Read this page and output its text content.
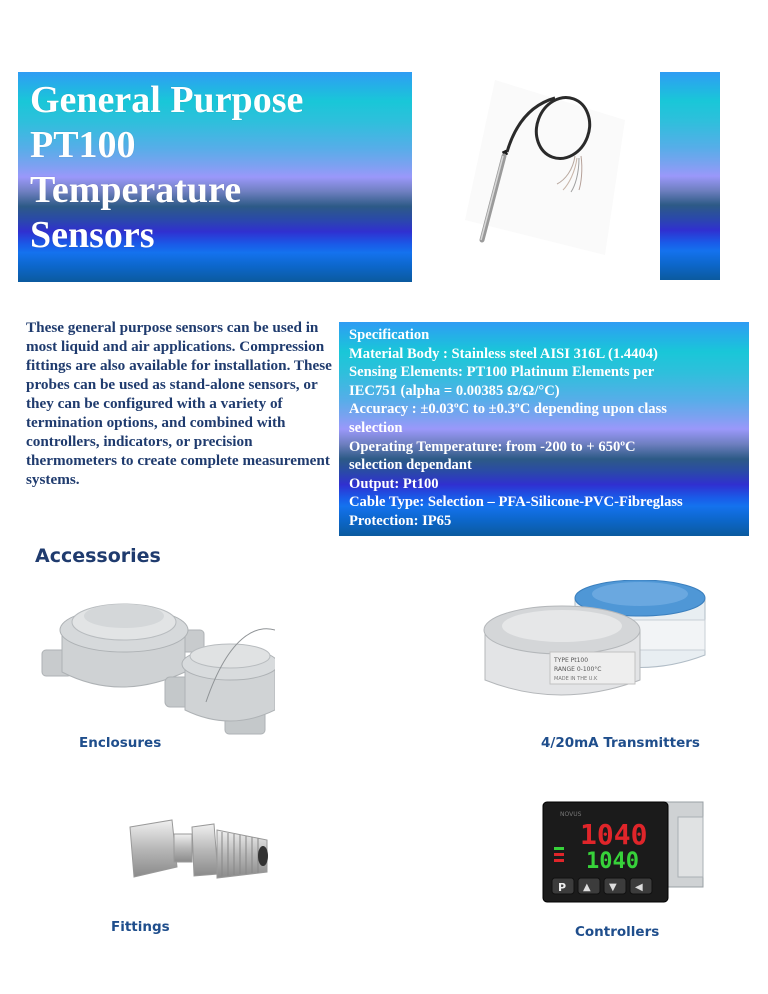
General Purpose
PT100
Temperature
Sensors
These general purpose sensors can be used in most liquid and air applications. Compression fittings are also available for installation. These probes can be used as stand-alone sensors, or they can be configured with a variety of termination options, and combined with controllers, indicators, or precision thermometers to create complete measurement systems.
Specification
Material Body : Stainless steel AISI 316L (1.4404)
Sensing Elements: PT100 Platinum Elements per
IEC751 (alpha = 0.00385 Ω/Ω/°C)
Accuracy : ±0.03ºC to ±0.3ºC depending upon class
selection
Operating Temperature: from -200 to + 650ºC
selection dependant
Output: Pt100
Cable Type: Selection – PFA-Silicone-PVC-Fibreglass
Protection: IP65
Accessories
Enclosures
TYPE Pt100
RANGE 0-100°C
MADE IN THE U.K
4/20mA Transmitters
Fittings
NOVUS
1040
1040
P ▲ ▼ ◀
Controllers
